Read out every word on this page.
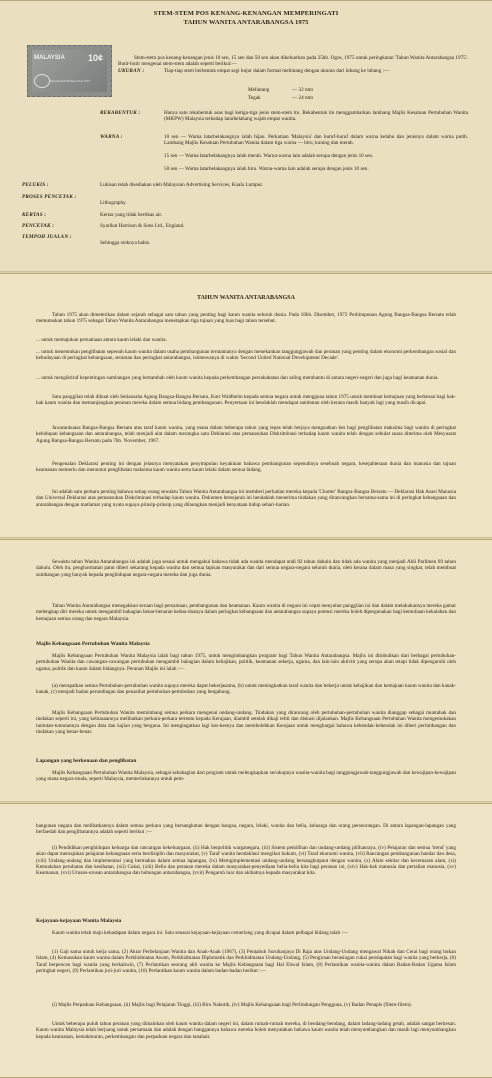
STEM-STEM POS KENANG-KENANGAN MEMPERINGATI
TAHUN WANITA ANTARABANGSA 1975
MALAYSIA	10¢
International Women's Year 1975
Stem-stem pos kenang-kenangan jenis 10 sen, 15 sen dan 50 sen akan dikeluarkan pada 25hb. Ogos, 1975 untuk peringkatan 'Tahun Wanita Antarabangsa 1975'. Butir-butir mengenai stem-stem adalah seperti berikut:—
UKURAN :	Tiap-tiap stem berbentuk empat segi bujur dalam format melintang dengan ukuran dari lubang ke lubang :—
Melintang	— 32 mm
Tegak	— 24 mm
REKABENTUK :	Hanya satu rekabentuk asas bagi ketiga-tiga jenis stem-stem itu. Rekabentuk itu menggambarkan lambang Majlis Kesatuan Pertubuhan Wanita (MKPW) Malaysia terhadap latarbelakang wajah empat wanita.
WARNA :	10 sen — Warna latarbelakangnya ialah hijau. Perkataan 'Malaysia' dan huruf-huruf dalam warna kelabu dan jenisnya dalam warna putih. Lambang Majlis Kesatuan Pertubuhan Wanita dalam tiga warna — biru, kuning dan merah.
15 sen — Warna latarbelakangnya ialah merah. Warna-warna lain adalah serupa dengan jenis 10 sen.
50 sen — Warna latarbelakangnya ialah biru. Warna-warna lain adalah serupa dengan jenis 10 sen.
PELUKIS :	Lukisan telah disediakan oleh Malaysian Advertising Services, Kuala Lumpur.
PROSES PENCETAK :
Lithography.
KERTAS :	Kertas yang tidak bertikas air.
PENCETAK :	Syarikat Harrison & Sons Ltd., England.
TEMPOH JUALAN :
Sehingga stoknya habis.
TAHUN WANITA ANTARABANGSA
Tahun 1975 akan dimeterikan dalam sejarah sebagai satu tahun yang penting bagi kaum wanita seluruh dunia. Pada 18hb. Disember, 1972 Perhimpunan Agung Bangsa-Bangsa Bersatu telah memutuskan tahun 1975 sebagai Tahun Wanita Antarabangsa menetapkan tiga tujuan yang luas bagi tahun tersebut.
... untuk memajukan persamaan antara kaum lelaki dan wanita.
... untuk menentukan penglibatan sepenuh kaum wanita dalam usaha pembangunan terutamanya dengan menekankan tanggungjawab dan peranan yang penting dalam ekonomi perkembangan sosial dan kebudayaan di peringkat kebangsaan, serantau dan peringkat antarabangsa, istimewanya di waktu 'Second United National Development Decade'.
... untuk mengiktiraf kepentingan sumbangan yang bertambah oleh kaum wanita kepada perkembangan persahabatan dan saling membantu di antara negeri-negeri dan juga bagi keamanan dunia.
Satu panggilan telah dibuat oleh Setiausaha Agung Bangsa-Bangsa Bersatu, Kurt Waldheim kepada semua negara untuk mengguna tahun 1975 untuk membuat kemajuan yang berkesan bagi hak-hak kaum wanita dan memanjangkan peranan mereka dalam semua bidang pembangunan. Penyertaan ini hendaklah mendapat sambutan oleh kerana masih banyak lagi yang masih dicapai.
Jawatankuasa Bangsa-Bangsa Bersatu atas taraf kaum wanita, yang mana dalam beberapa tahun yang lepas telah berjaya menguatkan kes bagi penglibatan maksima bagi wanita di peringkat kehidupan kebangsaan dan antarabangsa, telah menjadi alat dalam merangka satu Deklarasi atas pemansuhan Diskriminasi terhadap kaum wanita telah dengan sebulat suara diterima oleh Mesyuarat Agung Bangsa-Bangsa Bersatu pada 7hb. November, 1967.
Pengenalan Deklarasi penting ini dengan jelasnya menyatakan penyimpulan keyakinan bahawa pembangunan sepenuhnya sesebuah negara, kesejahteraan dunia dan manusia dan tujuan keamanan memerlu dan menuntut penglibatan maksima kaum wanita serta kaum lelaki dalam semua bidang.
Ini adalah satu perkara penting bahawa setiap orang sewaktu Tahun Wanita Antarabangsa ini memberi perhatian mereka kepada 'Charter' Bangsa-Bangsa Bersatu — Deklarasi Hak Asasi Manusia dan Universal Deklarasi atas pemansuhan Diskriminasi terhadap kaum wanita. Dokumen bersejarah ini hendaklah menerima tindakan yang dirancangkan bersama-sama ini di peringkat kebangsaan dan antarabangsa dengan matlamat yang nyata supaya prinsip-prinsip yang dilaungkan menjadi kenyataan hidup sehari-harian.
Sewaktu tahun Wanita Antarabangsa ini adalah juga sesuai untuk mengakui bahawa tidak ada wanita mendapat undi 82 tahun dahulu dan tidak ada wanita yang menjadi Ahli Parlimen 69 tahun dahulu. Oleh itu, penghormatan patut diberi sekarang kepada wanita dan semua lapisan masyarakat dan dari semua negara-negara seluruh dunia, oleh kerana dalam masa yang singkat, telah membuat sumbangan yang banyak kepada penghidupan negara-negara mereka dan juga dunia.
Tahun Wanita Antarabangsa menegakkan seruan bagi persamaan, pembangunan dan keamanan. Kaum wanita di negara ini cepat menyahut panggilan ini dan dalam melakukannya mereka gamar melengkap diri mereka untuk mengambil bahagian benar-benaran kedua-duanya dalam peringkat kebangsaan dan antarabangsa supaya potensi mereka boleh dipergunakan bagi kemuliaan kekalahan dan kemajuan semua orang dan negara Malaysia.
Majlis Kebangsaan Pertubuhan Wanita Malaysia
Majlis Kebangsaan Pertubuhan Wanita Malaysia ialah bagi tahun 1975, untuk mengimbangkan program bagi Tahun Wanita Antarabangsa. Majlis ini ditubuhkan dari berbagai pertubuhan-pertubuhan Wanita dan cawangan-cawangan pertubuhan mengambil bahagian dalam kebajikan, politik, keamanan sekerja, ugama, dan lain-lain aktiviti yang serupa akan tetapi tidak dipengaruhi oleh ugama, politik dan kaum dalam bidangnya. Peranan Majlis ini ialah :—
(a) merapatkan semua Pertubuhan-pertubuhan wanita supaya mereka dapat bekerjasama, (b) untuk meningkatkan taraf wanita dan bekerja untuk kebajikan dan kemajuan kaum wanita dan kanak-kanak, (c) menjadi badan perundingan dan penasihat pertubuhan-pertubuhan yang bergabung.
Majlis Kebangsaan Pertubuhan Wanita memimbang semua perkara mengenai undang-undang. Tindakan yang dirancang oleh pertubuhan-pertubuhan wanita dianggap sebagai muntahak dan tindakan seperti ini, yang kebiasaannya melibatkan perkara-perkara tertentu kepada Kerajaan, diambil setelah dikaji teliti dan diskusi dijalankan. Majlis Kebangsaan Pertubuhan Wanita mengemukakan tuntutan-tuntutannya dengan data dan kajian yang berguna. Ini mengingatkan lagi kes-kesnya dan membolehkan Kerajaan untuk menghargai bahawa kehendak-kehendak ini diberi pertimbangan dan tindakan yang benar-benar.
Lapangan yang berkenaan dan penglibatan
Majlis Kebangsaan Pertubuhan Wanita Malaysia, sebagai sebahagian dari program untuk melengkapkan secukupnya wanita-wanita bagi tanggungjawab-tanggungjawab dan kewajipan-kewajipan yang mana negara muda, seperti Malaysia, memerlukannya untuk pem-
bangunan negara dan melibatkannya dalam semua perkara yang bersangkutan dengan bangsa, negara, lelaki, wanita dan belia, keluarga dan orang perseorangan. Di antara lapangan-lapangan yang berfaedah dan penglibatannya adalah seperti berikut :—
(i) Pendidikan penghidupan keluarga dan rancangan kekeluargaan, (ii) Hak berpolitik warganegara, (iii) Sistem pemilihan dan undang-undang pilihanraya, (iv) Pelajaran dan semua 'trend' yang akan dapat memajukan pelajaran kebangsaan serta berdisiplin dan masyarakat, (v) Taraf wanita hendaklaui mengikut hukum, (vi) Taraf ekonomi wanita, (vii) Rancangan pembangunan bandar dan desa, (viii) Undang-undang dan implementasi yang bermakna dalam semua lapangan, (ix) Memgimplementasi undang-undang bersangkutpaut dengan wanita, (x) Alam sekitar dan kecemaran alam, (xi) Kemudahan perubatan dan kesihatan, (xii) Cukai, (xiii) Belia dan peranan mereka dalam masyarakat-penyediaan belia-belia kita bagi peranan ini, (xiv) Hak-hak manusia dan pertalian manusia, (xv) Keamanan, (xvi) Urusan-urusan antarabangsa dan hubungan antarabangsa, (xvii) Pengaruh luar dan akibatnya kepada masyarakat kita.
Kejayaan-kejayaan Wanita Malaysia
Kaum wanita telah maju kehadapan dalam negara ini. Satu senarai kejayaan-kejayaan cemerlang yang dicapai dalam pelbagai bidang ialah :—
(1) Gaji sama untuk kerja sama, (2) Aktar Perbelanjaan Wanita dan Anak-Anak (1967), (3) Pentabuh Suruhanjaya Di Raja atas Undang-Undang mengawal Nikah dan Cerai bagi orang bukan Islam, (4) Kemasukan kaum wanita dalam Perkhidmatan Awam, Perkhidmatan Diplomatik dan Perkhidmatan Undang-Undang, (5) Pengiraan berasingan cukai pendapatan bagi wanita yang berkerja, (6) Taraf berpencen bagi wanita yang berkahwin, (7) Perlantikan seorang ahli wanita ke Majlis Kebangsaan bagi Hal Ehwal Islam, (8) Perlantikan wanita-wanita dalam Badan-Badan Ugama Islam peringkat negeri, (9) Perlantikan juri-juri wanita, (10) Perlantikan kaum wanita dalam badan-badan berikut :—
(i) Majlis Perpaduan Kebangsaan, (ii) Majlis bagi Pelajaran Tinggi, (iii) Biro Nakotik, (iv) Majlis Kebangsaan bagi Perlindungan Pengguna, (v) Badan Penapis (filem-filem).
Untuk beberapa puluh tahun peranan yang dimainkan oleh kaum wanita dalam negeri ini, dalam rumah-rumah mereka, di bendang-bendang, dalam ladang-ladang getah, adalah sangat berkesan. Kaum wanita Malaysia telah berjuang untuk persamaan dan adalah dengan banggannya bahawa mereka boleh menyatakan bahawa kaum wanita telah menyumbangkan dan masih lagi menyumbangkan kepada keamanan, kemakmuran, perkembangan dan perpaduan negara dan tanahair.
